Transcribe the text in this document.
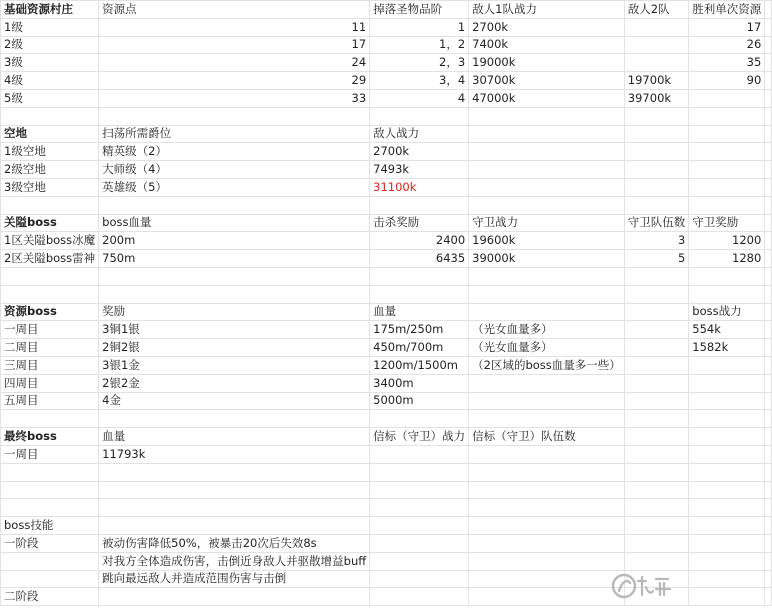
基础资源村庄	资源点	掉落圣物品阶	敌人1队战力	敌人2队	胜利单次资源	
1级	11	1	2700k		17	
2级	17	1，2	7400k		26	
3级	24	2，3	19000k		35	
4级	29	3，4	30700k	19700k	90	
5级	33	4	47000k	39700k		

空地	扫荡所需爵位	敌人战力				
1级空地	精英级（2）	2700k				
2级空地	大师级（4）	7493k				
3级空地	英雄级（5）	31100k				

关隘boss	boss血量	击杀奖励	守卫战力	守卫队伍数	守卫奖励	
1区关隘boss冰魔	200m	2400	19600k	3	1200	
2区关隘boss雷神	750m	6435	39000k	5	1280	

资源boss	奖励	血量			boss战力	
一周目	3铜1银	175m/250m	（光女血量多）		554k	
二周目	2铜2银	450m/700m	（光女血量多）		1582k	
三周目	3银1金	1200m/1500m	（2区域的boss血量多一些）			
四周目	2银2金	3400m				
五周目	4金	5000m				

最终boss	血量	信标（守卫）战力	信标（守卫）队伍数			
一周目	11793k					

boss技能						
一阶段	被动伤害降低50%，被暴击20次后失效8s					
	对我方全体造成伤害，击倒近身敌人并驱散增益buff					
	跳向最远敌人并造成范围伤害与击倒					
二阶段						
